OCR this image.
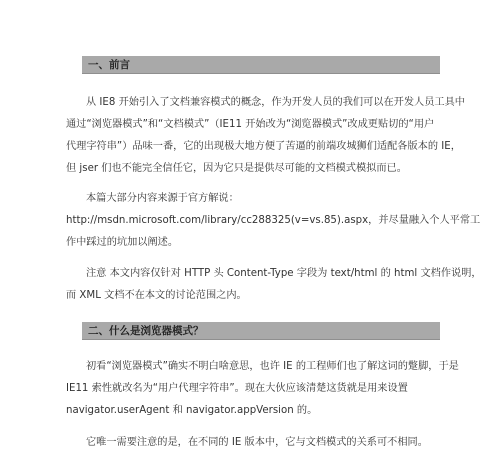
一、前言
从 IE8 开始引入了文档兼容模式的概念，作为开发人员的我们可以在开发人员工具中
通过“浏览器模式”和“文档模式”（IE11 开始改为“浏览器模式”改成更贴切的“用户
代理字符串”）品味一番，它的出现极大地方便了苦逼的前端攻城狮们适配各版本的 IE，
但 jser 们也不能完全信任它，因为它只是提供尽可能的文档模式模拟而已。
本篇大部分内容来源于官方解说：
http://msdn.microsoft.com/library/cc288325(v=vs.85).aspx，并尽量融入个人平常工
作中踩过的坑加以阐述。
注意 本文内容仅针对 HTTP 头 Content-Type 字段为 text/html 的 html 文档作说明，
而 XML 文档不在本文的讨论范围之内。
二、什么是浏览器模式？
初看“浏览器模式”确实不明白啥意思，也许 IE 的工程师们也了解这词的蹩脚，于是
IE11 索性就改名为“用户代理字符串”。现在大伙应该清楚这货就是用来设置
navigator.userAgent 和 navigator.appVersion 的。
它唯一需要注意的是，在不同的 IE 版本中，它与文档模式的关系可不相同。
